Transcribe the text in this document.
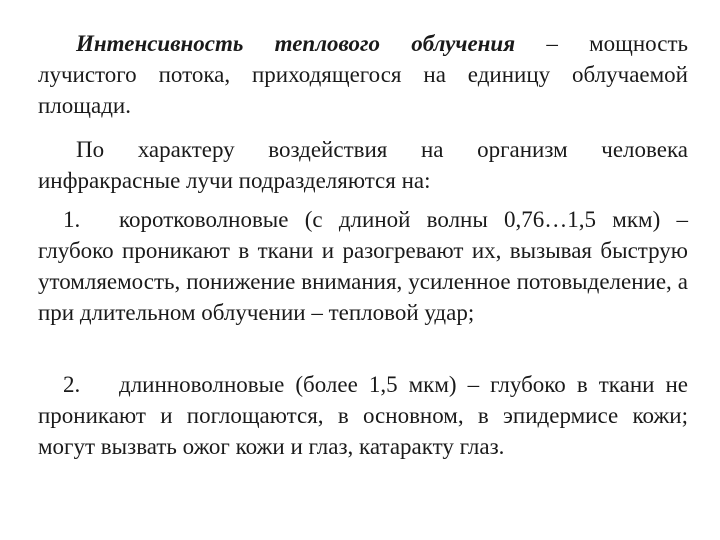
Интенсивность теплового облучения – мощность лучистого потока, приходящегося на единицу облучаемой площади.

По характеру воздействия на организм человека инфракрасные лучи подразделяются на:

1. коротковолновые (с длиной волны 0,76…1,5 мкм) – глубоко проникают в ткани и разогревают их, вызывая быструю утомляемость, понижение внимания, усиленное потовыделение, а при длительном облучении – тепловой удар;

2. длинноволновые (более 1,5 мкм) – глубоко в ткани не проникают и поглощаются, в основном, в эпидермисе кожи; могут вызвать ожог кожи и глаз, катаракту глаз.
